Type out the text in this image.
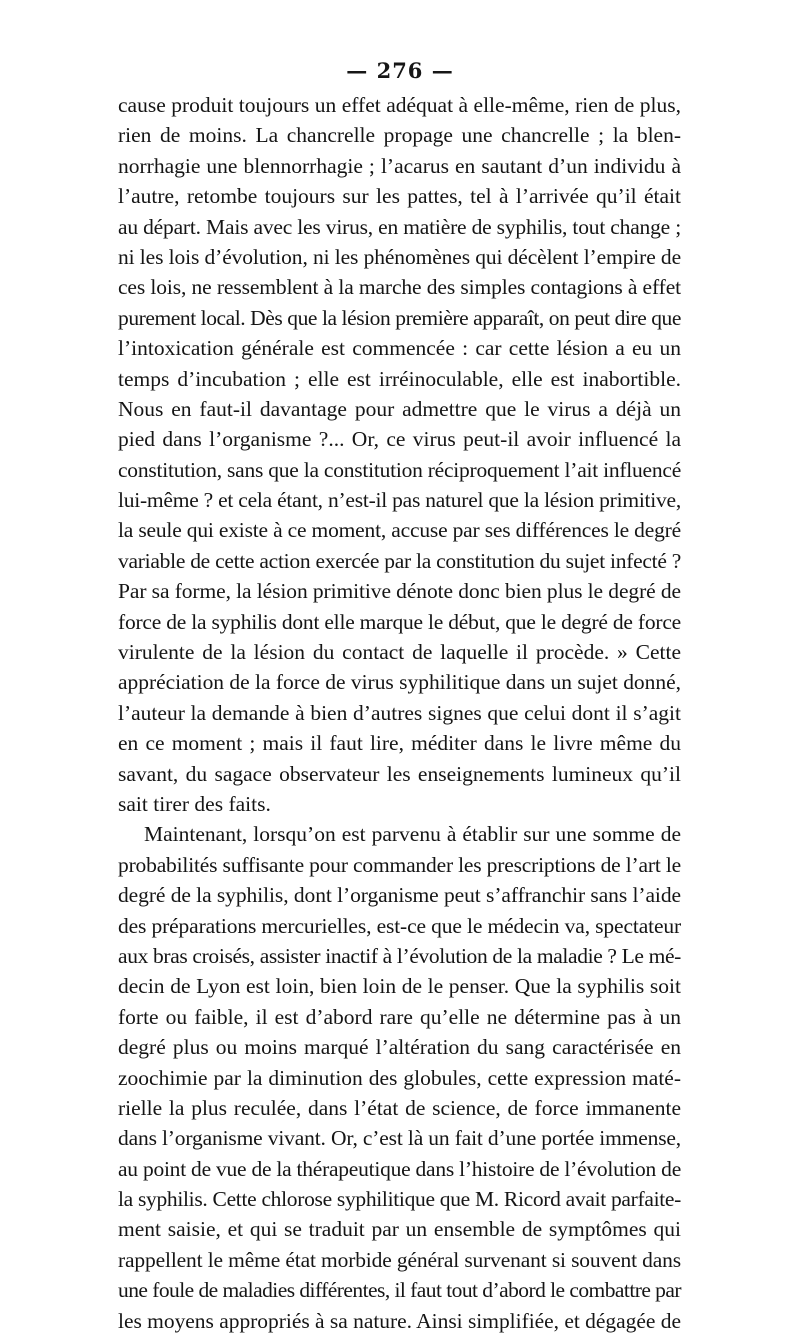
— 276 —
cause produit toujours un effet adéquat à elle-même, rien de plus,
rien de moins. La chancrelle propage une chancrelle ; la blen-
norrhagie une blennorrhagie ; l’acarus en sautant d’un individu à
l’autre, retombe toujours sur les pattes, tel à l’arrivée qu’il était
au départ. Mais avec les virus, en matière de syphilis, tout change ;
ni les lois d’évolution, ni les phénomènes qui décèlent l’empire de
ces lois, ne ressemblent à la marche des simples contagions à effet
purement local. Dès que la lésion première apparaît, on peut dire que
l’intoxication générale est commencée : car cette lésion a eu un
temps d’incubation ; elle est irréinoculable, elle est inabortible.
Nous en faut-il davantage pour admettre que le virus a déjà un
pied dans l’organisme ?... Or, ce virus peut-il avoir influencé la
constitution, sans que la constitution réciproquement l’ait influencé
lui-même ? et cela étant, n’est-il pas naturel que la lésion primitive,
la seule qui existe à ce moment, accuse par ses différences le degré
variable de cette action exercée par la constitution du sujet infecté ?
Par sa forme, la lésion primitive dénote donc bien plus le degré de
force de la syphilis dont elle marque le début, que le degré de force
virulente de la lésion du contact de laquelle il procède. » Cette
appréciation de la force de virus syphilitique dans un sujet donné,
l’auteur la demande à bien d’autres signes que celui dont il s’agit
en ce moment ; mais il faut lire, méditer dans le livre même du
savant, du sagace observateur les enseignements lumineux qu’il
sait tirer des faits.
Maintenant, lorsqu’on est parvenu à établir sur une somme de
probabilités suffisante pour commander les prescriptions de l’art le
degré de la syphilis, dont l’organisme peut s’affranchir sans l’aide
des préparations mercurielles, est-ce que le médecin va, spectateur
aux bras croisés, assister inactif à l’évolution de la maladie ? Le mé-
decin de Lyon est loin, bien loin de le penser. Que la syphilis soit
forte ou faible, il est d’abord rare qu’elle ne détermine pas à un
degré plus ou moins marqué l’altération du sang caractérisée en
zoochimie par la diminution des globules, cette expression maté-
rielle la plus reculée, dans l’état de science, de force immanente
dans l’organisme vivant. Or, c’est là un fait d’une portée immense,
au point de vue de la thérapeutique dans l’histoire de l’évolution de
la syphilis. Cette chlorose syphilitique que M. Ricord avait parfaite-
ment saisie, et qui se traduit par un ensemble de symptômes qui
rappellent le même état morbide général survenant si souvent dans
une foule de maladies différentes, il faut tout d’abord le combattre par
les moyens appropriés à sa nature. Ainsi simplifiée, et dégagée de
